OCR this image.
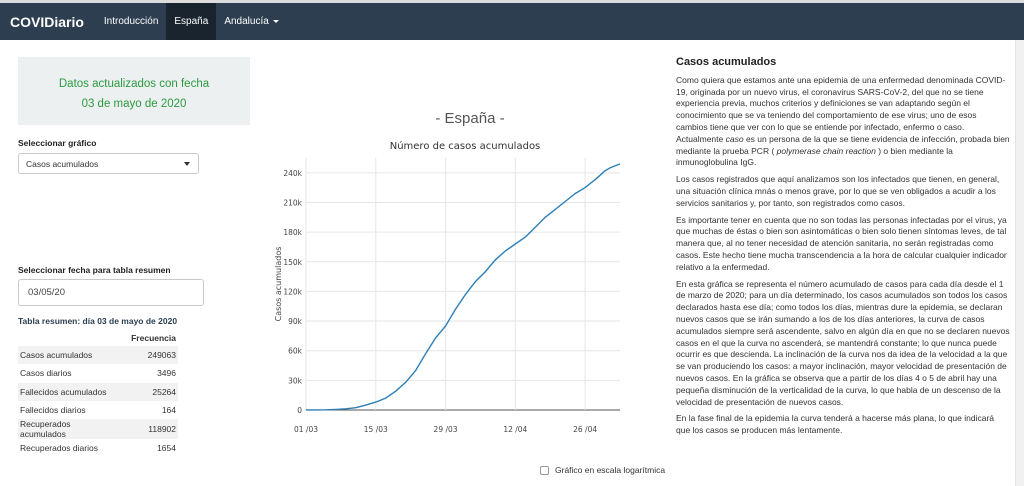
COVIDiario	Introducción España Andalucía
Datos actualizados con fecha
03 de mayo de 2020
Seleccionar gráfico
Casos acumulados
Seleccionar fecha para tabla resumen
03/05/20
Tabla resumen: día 03 de mayo de 2020
	Frecuencia
Casos acumulados	249063
Casos diarios	3496
Fallecidos acumulados	25264
Fallecidos diarios	164
Recuperados acumulados	118902
Recuperados diarios	1654
- España -
Número de casos acumulados
0
30k
60k
90k
120k
150k
180k
210k
240k
01 /03	15 /03	29 /03	12 /04	26 /04
Casos acumulados
Gráfico en escala logarítmica
Casos acumulados

Como quiera que estamos ante una epidemia de una enfermedad denominada COVID-19, originada por un nuevo virus, el coronavirus SARS-CoV-2, del que no se tiene experiencia previa, muchos criterios y definiciones se van adaptando según el conocimiento que se va teniendo del comportamiento de ese virus; uno de esos cambios tiene que ver con lo que se entiende por infectado, enfermo o caso. Actualmente caso es un persona de la que se tiene evidencia de infección, probada bien mediante la prueba PCR ( polymerase chain reaction ) o bien mediante la inmunoglobulina IgG.

Los casos registrados que aquí analizamos son los infectados que tienen, en general, una situación clínica mnás o menos grave, por lo que se ven obligados a acudir a los servicios sanitarios y, por tanto, son registrados como casos.

Es importante tener en cuenta que no son todas las personas infectadas por el virus, ya que muchas de éstas o bien son asintomáticas o bien solo tienen síntomas leves, de tal manera que, al no tener necesidad de atención sanitaria, no serán registradas como casos. Este hecho tiene mucha transcendencia a la hora de calcular cualquier indicador relativo a la enfermedad.

En esta gráfica se representa el número acumulado de casos para cada día desde el 1 de marzo de 2020; para un día determinado, los casos acumulados son todos los casos declarados hasta ese día; como todos los días, mientras dure la epidemia, se declaran nuevos casos que se irán sumando a los de los días anteriores, la curva de casos acumulados siempre será ascendente, salvo en algún día en que no se declaren nuevos casos en el que la curva no ascenderá, se mantendrá constante; lo que nunca puede ocurrir es que descienda. La inclinación de la curva nos da idea de la velocidad a la que se van produciendo los casos: a mayor inclinación, mayor velocidad de presentación de nuevos casos. En la gráfica se observa que a partir de los días 4 o 5 de abril hay una pequeña disminución de la verticalidad de la curva, lo que habla de un descenso de la velocidad de presentación de nuevos casos.

En la fase final de la epidemia la curva tenderá a hacerse más plana, lo que indicará que los casos se producen más lentamente.
